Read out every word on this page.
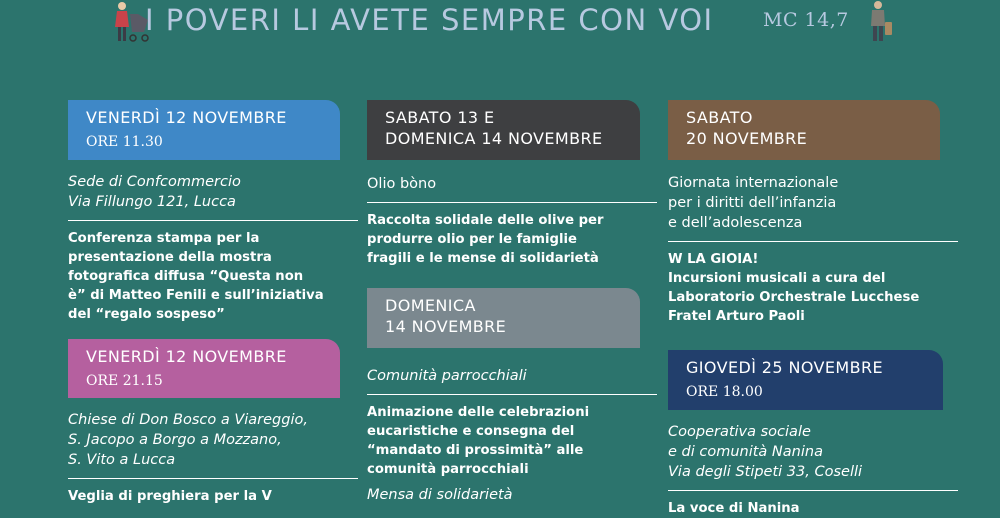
I POVERI LI AVETE SEMPRE CON VOI	MC 14,7
VENERDÌ 12 NOVEMBRE
ORE 11.30
Sede di Confcommercio
Via Fillungo 121, Lucca
Conferenza stampa per la
presentazione della mostra
fotografica diffusa “Questa non
è” di Matteo Fenili e sull’iniziativa
del “regalo sospeso”
VENERDÌ 12 NOVEMBRE
ORE 21.15
Chiese di Don Bosco a Viareggio,
S. Jacopo a Borgo a Mozzano,
S. Vito a Lucca
Veglia di preghiera per la V
SABATO 13 E
DOMENICA 14 NOVEMBRE
Olio bòno
Raccolta solidale delle olive per
produrre olio per le famiglie
fragili e le mense di solidarietà
DOMENICA
14 NOVEMBRE
Comunità parrocchiali
Animazione delle celebrazioni
eucaristiche e consegna del
“mandato di prossimità” alle
comunità parrocchiali
Mensa di solidarietà
SABATO
20 NOVEMBRE
Giornata internazionale
per i diritti dell’infanzia
e dell’adolescenza
W LA GIOIA!
Incursioni musicali a cura del
Laboratorio Orchestrale Lucchese
Fratel Arturo Paoli
GIOVEDÌ 25 NOVEMBRE
ORE 18.00
Cooperativa sociale
e di comunità Nanina
Via degli Stipeti 33, Coselli
La voce di Nanina
